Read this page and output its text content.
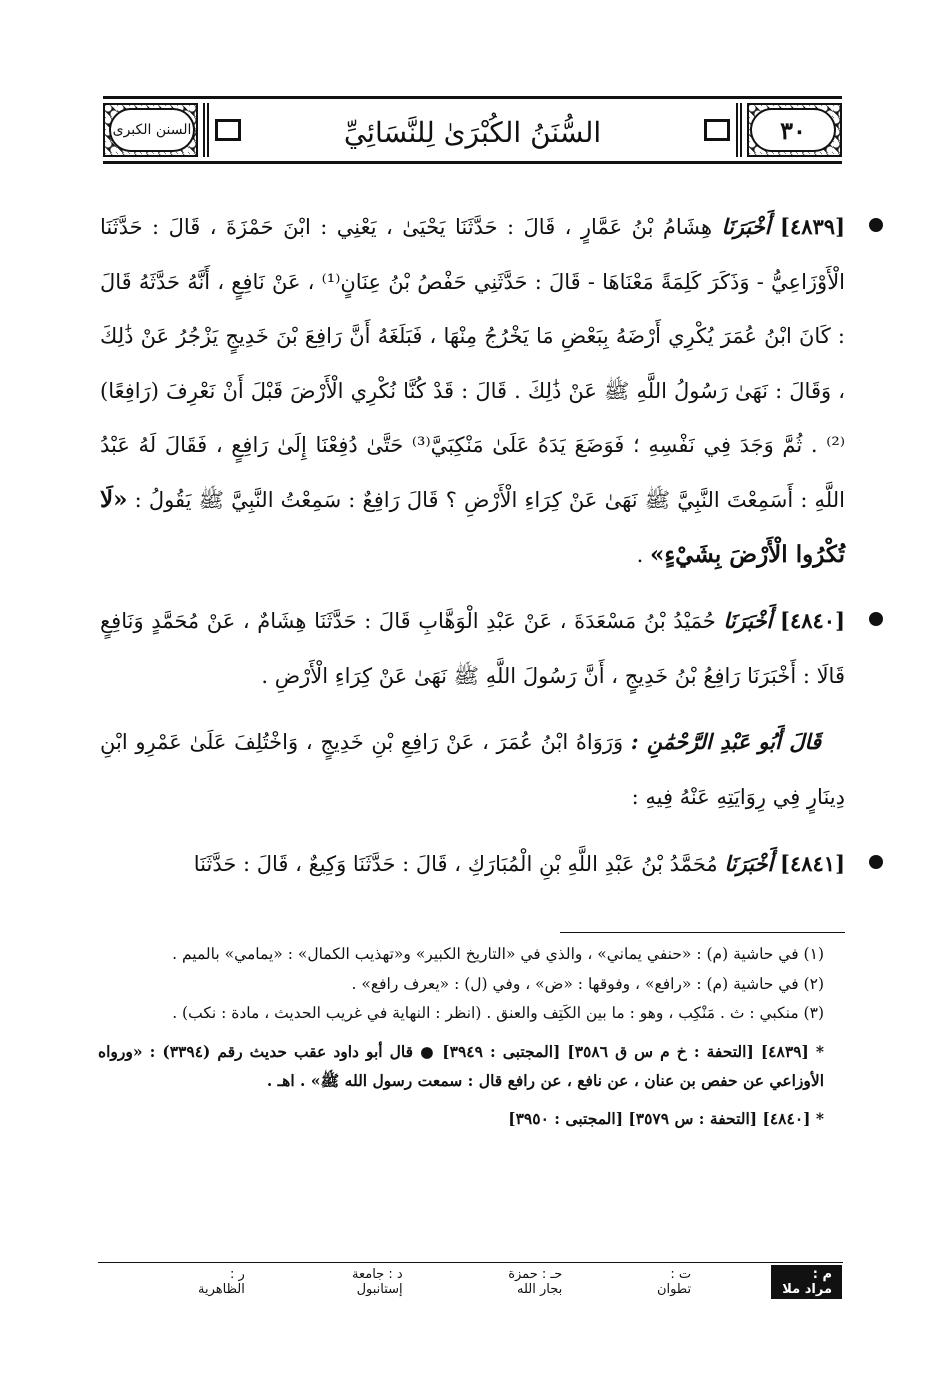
٣٠
السنن الكبرى	السُّنَنُ الكُبْرَىٰ لِلنَّسَائِيِّ

[٤٨٣٩] أَخْبَرَنَا هِشَامُ بْنُ عَمَّارٍ ، قَالَ : حَدَّثَنَا يَحْيَىٰ ، يَعْنِي : ابْنَ حَمْزَةَ ، قَالَ : حَدَّثَنَا الْأَوْزَاعِيُّ - وَذَكَرَ كَلِمَةً مَعْنَاهَا - قَالَ : حَدَّثَنِي حَفْصُ بْنُ عِنَانٍ⁽¹⁾ ، عَنْ نَافِعٍ ، أَنَّهُ حَدَّثَهُ قَالَ : كَانَ ابْنُ عُمَرَ يُكْرِي أَرْضَهُ بِبَعْضِ مَا يَخْرُجُ مِنْهَا ، فَبَلَغَهُ أَنَّ رَافِعَ بْنَ خَدِيجٍ يَزْجُرُ عَنْ ذَٰلِكَ ، وَقَالَ : نَهَىٰ رَسُولُ اللَّهِ ﷺ عَنْ ذَٰلِكَ . قَالَ : قَدْ كُنَّا نُكْرِي الْأَرْضَ قَبْلَ أَنْ نَعْرِفَ (رَافِعًا)⁽²⁾ . ثُمَّ وَجَدَ فِي نَفْسِهِ ؛ فَوَضَعَ يَدَهُ عَلَىٰ مَنْكِبَيَّ⁽³⁾ حَتَّىٰ دُفِعْنَا إِلَىٰ رَافِعٍ ، فَقَالَ لَهُ عَبْدُ اللَّهِ : أَسَمِعْتَ النَّبِيَّ ﷺ نَهَىٰ عَنْ كِرَاءِ الْأَرْضِ ؟ قَالَ رَافِعٌ : سَمِعْتُ النَّبِيَّ ﷺ يَقُولُ : «لَا تُكْرُوا الْأَرْضَ بِشَيْءٍ» .

[٤٨٤٠] أَخْبَرَنَا حُمَيْدُ بْنُ مَسْعَدَةَ ، عَنْ عَبْدِ الْوَهَّابِ قَالَ : حَدَّثَنَا هِشَامٌ ، عَنْ مُحَمَّدٍ وَنَافِعٍ قَالَا : أَخْبَرَنَا رَافِعُ بْنُ خَدِيجٍ ، أَنَّ رَسُولَ اللَّهِ ﷺ نَهَىٰ عَنْ كِرَاءِ الْأَرْضِ .

قَالَ أَبُو عَبْدِ الرَّحْمَٰنِ : وَرَوَاهُ ابْنُ عُمَرَ ، عَنْ رَافِعِ بْنِ خَدِيجٍ ، وَاخْتُلِفَ عَلَىٰ عَمْرِو ابْنِ دِينَارٍ فِي رِوَايَتِهِ عَنْهُ فِيهِ :

[٤٨٤١] أَخْبَرَنَا مُحَمَّدُ بْنُ عَبْدِ اللَّهِ بْنِ الْمُبَارَكِ ، قَالَ : حَدَّثَنَا وَكِيعٌ ، قَالَ : حَدَّثَنَا

(١) في حاشية (م) : «حنفي يماني» ، والذي في «التاريخ الكبير» و«تهذيب الكمال» : «يمامي» بالميم .

(٢) في حاشية (م) : «رافع» ، وفوقها : «ض» ، وفي (ل) : «يعرف رافع» .

(٣) منكبي : ث . مَنْكِب ، وهو : ما بين الكَتِف والعنق . (انظر : النهاية في غريب الحديث ، مادة : نكب) .

* [٤٨٣٩] [التحفة : خ م س ق ٣٥٨٦] [المجتبى : ٣٩٤٩] ● قال أبو داود عقب حديث رقم (٣٣٩٤) : «ورواه الأوزاعي عن حفص بن عنان ، عن نافع ، عن رافع قال : سمعت رسول الله ﷺ» . اهـ .

* [٤٨٤٠] [التحفة : س ٣٥٧٩] [المجتبى : ٣٩٥٠]

م : مراد ملا
ت : تطوان
حـ : حمزة بجار الله
د : جامعة إستانبول
ر : الظاهرية
